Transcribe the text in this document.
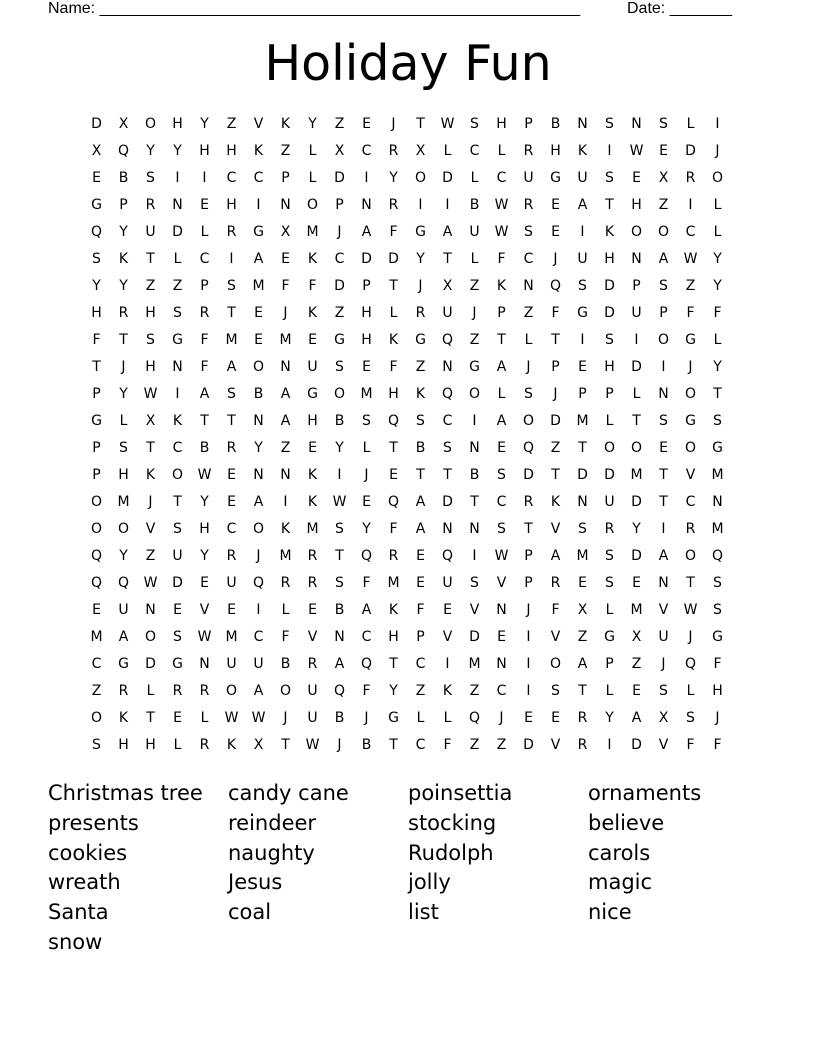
Name: ______________________________________________________	Date: _______
Holiday Fun
D	X	O	H	Y	Z	V	K	Y	Z	E	J	T	W	S	H	P	B	N	S	N	S	L	I
X	Q	Y	Y	H	H	K	Z	L	X	C	R	X	L	C	L	R	H	K	I	W	E	D	J
E	B	S	I	I	C	C	P	L	D	I	Y	O	D	L	C	U	G	U	S	E	X	R	O
G	P	R	N	E	H	I	N	O	P	N	R	I	I	B	W	R	E	A	T	H	Z	I	L
Q	Y	U	D	L	R	G	X	M	J	A	F	G	A	U	W	S	E	I	K	O	O	C	L
S	K	T	L	C	I	A	E	K	C	D	D	Y	T	L	F	C	J	U	H	N	A	W	Y
Y	Y	Z	Z	P	S	M	F	F	D	P	T	J	X	Z	K	N	Q	S	D	P	S	Z	Y
H	R	H	S	R	T	E	J	K	Z	H	L	R	U	J	P	Z	F	G	D	U	P	F	F
F	T	S	G	F	M	E	M	E	G	H	K	G	Q	Z	T	L	T	I	S	I	O	G	L
T	J	H	N	F	A	O	N	U	S	E	F	Z	N	G	A	J	P	E	H	D	I	J	Y
P	Y	W	I	A	S	B	A	G	O	M	H	K	Q	O	L	S	J	P	P	L	N	O	T
G	L	X	K	T	T	N	A	H	B	S	Q	S	C	I	A	O	D	M	L	T	S	G	S
P	S	T	C	B	R	Y	Z	E	Y	L	T	B	S	N	E	Q	Z	T	O	O	E	O	G
P	H	K	O	W	E	N	N	K	I	J	E	T	T	B	S	D	T	D	D	M	T	V	M
O	M	J	T	Y	E	A	I	K	W	E	Q	A	D	T	C	R	K	N	U	D	T	C	N
O	O	V	S	H	C	O	K	M	S	Y	F	A	N	N	S	T	V	S	R	Y	I	R	M
Q	Y	Z	U	Y	R	J	M	R	T	Q	R	E	Q	I	W	P	A	M	S	D	A	O	Q
Q	Q	W	D	E	U	Q	R	R	S	F	M	E	U	S	V	P	R	E	S	E	N	T	S
E	U	N	E	V	E	I	L	E	B	A	K	F	E	V	N	J	F	X	L	M	V	W	S
M	A	O	S	W	M	C	F	V	N	C	H	P	V	D	E	I	V	Z	G	X	U	J	G
C	G	D	G	N	U	U	B	R	A	Q	T	C	I	M	N	I	O	A	P	Z	J	Q	F
Z	R	L	R	R	O	A	O	U	Q	F	Y	Z	K	Z	C	I	S	T	L	E	S	L	H
O	K	T	E	L	W W	J	U	B	J	G	L	L	Q	J	E	E	R	Y	A	X	S	J
S	H	H	L	R	K	X	T	W	J	B	T	C	F	Z	Z	D	V	R	I	D	V	F	F
Christmas tree	candy cane	poinsettia	ornaments
presents	reindeer	stocking	believe
cookies	naughty	Rudolph	carols
wreath	Jesus	jolly	magic
Santa	coal	list	nice
snow
